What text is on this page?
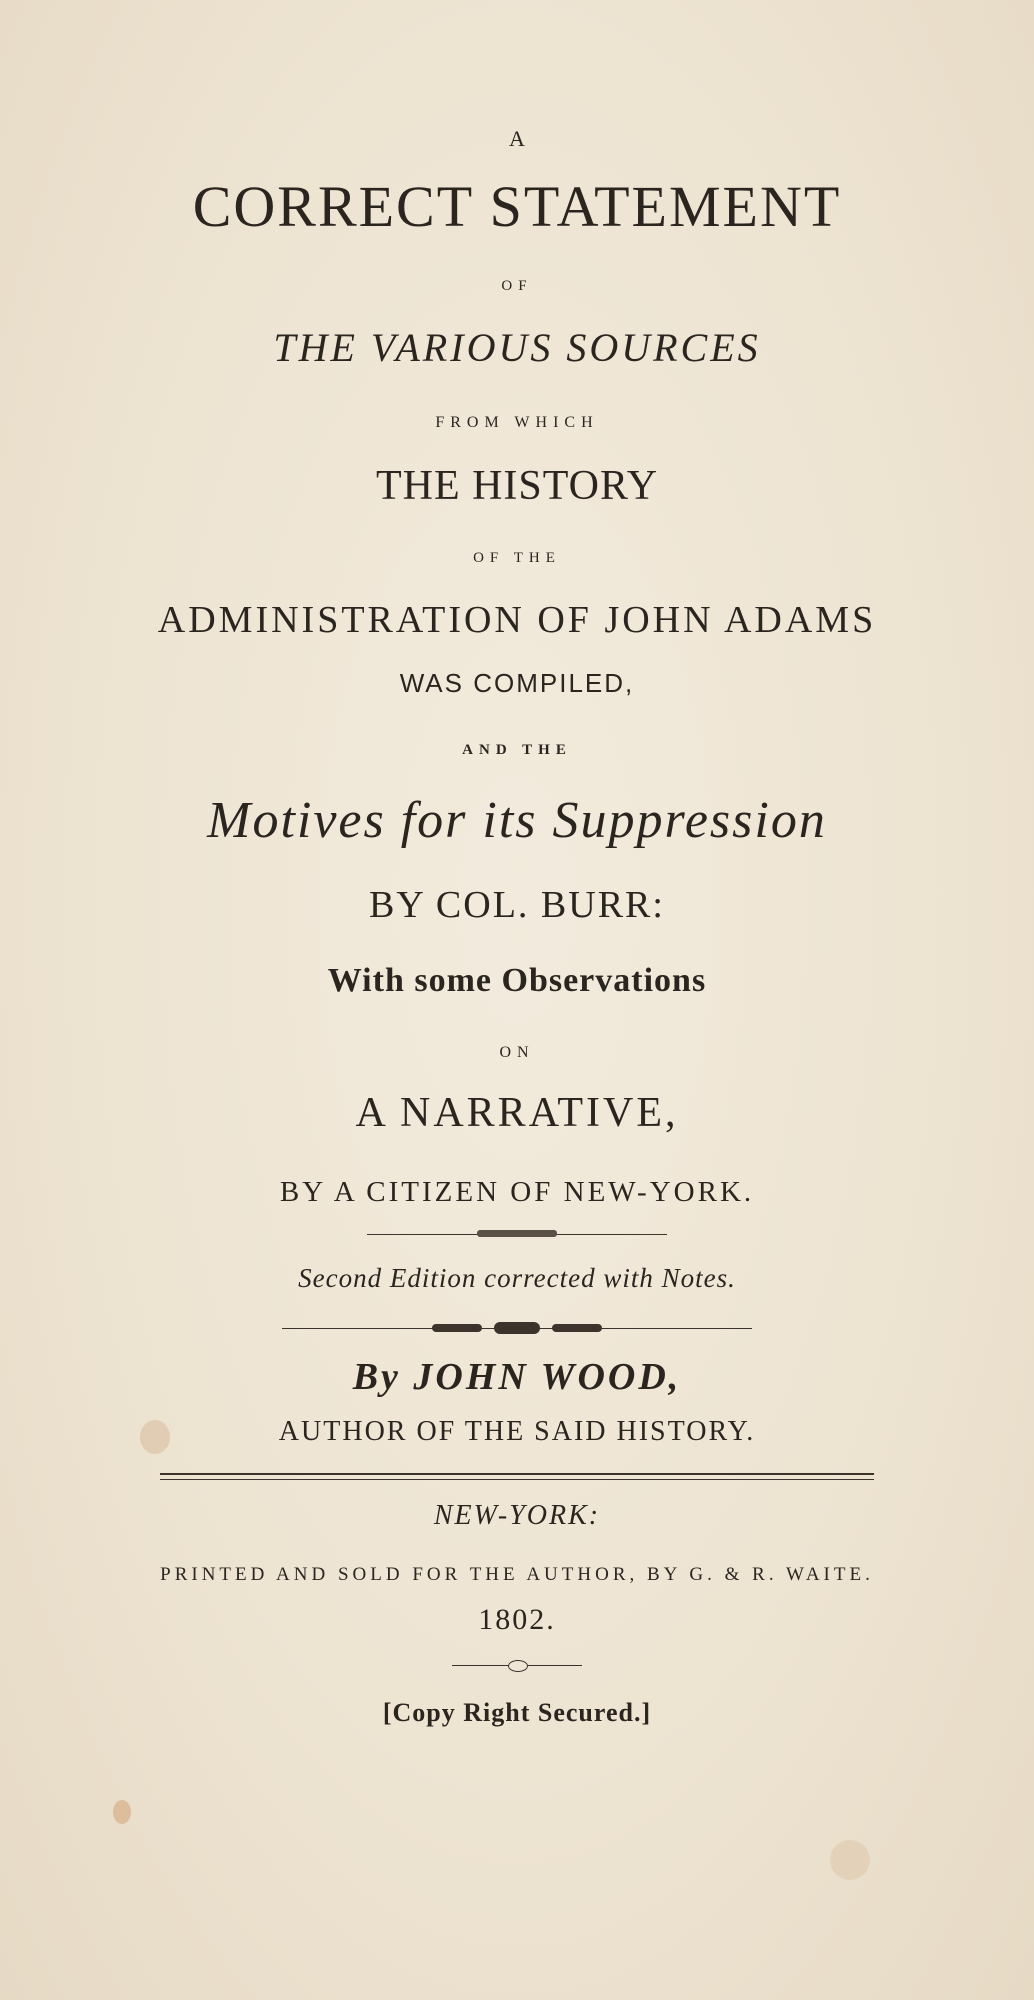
A
CORRECT STATEMENT
OF
THE VARIOUS SOURCES
FROM WHICH
THE HISTORY
OF THE
ADMINISTRATION OF JOHN ADAMS
WAS COMPILED,
AND THE
Motives for its Suppression
BY COL. BURR:
With some Observations
ON
A NARRATIVE,
BY A CITIZEN OF NEW-YORK.
Second Edition corrected with Notes.
By JOHN WOOD,
AUTHOR OF THE SAID HISTORY.
NEW-YORK:
PRINTED AND SOLD FOR THE AUTHOR, BY G. & R. WAITE.
1802.
[Copy Right Secured.]
